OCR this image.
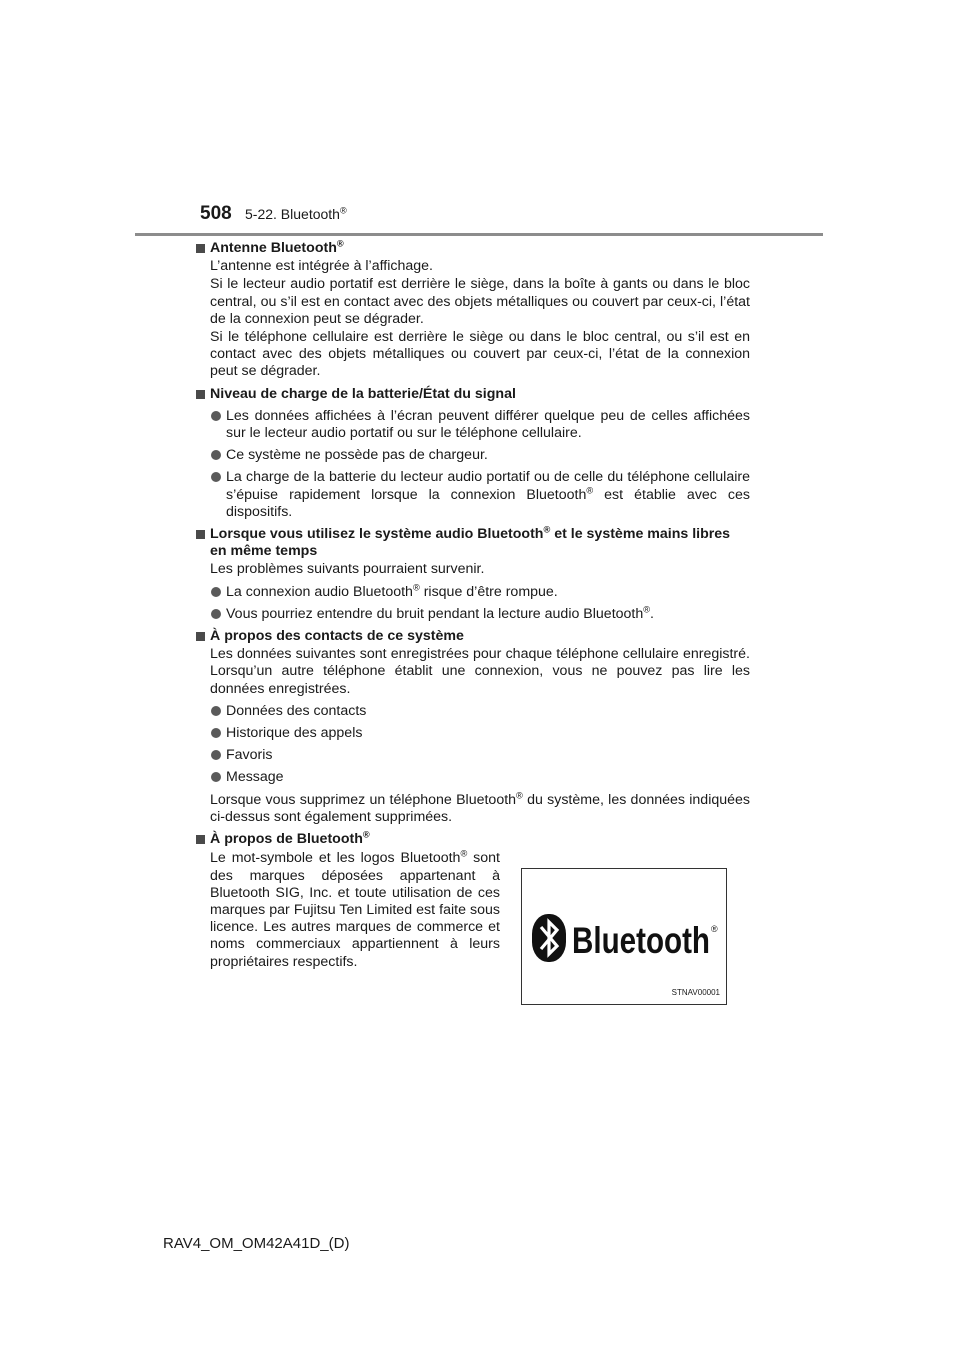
508 5-22. Bluetooth®
Antenne Bluetooth®
L’antenne est intégrée à l’affichage.
Si le lecteur audio portatif est derrière le siège, dans la boîte à gants ou dans le bloc central, ou s’il est en contact avec des objets métalliques ou couvert par ceux-ci, l’état de la connexion peut se dégrader.
Si le téléphone cellulaire est derrière le siège ou dans le bloc central, ou s’il est en contact avec des objets métalliques ou couvert par ceux-ci, l’état de la connexion peut se dégrader.
Niveau de charge de la batterie/État du signal
Les données affichées à l’écran peuvent différer quelque peu de celles affichées sur le lecteur audio portatif ou sur le téléphone cellulaire.
Ce système ne possède pas de chargeur.
La charge de la batterie du lecteur audio portatif ou de celle du téléphone cellulaire s’épuise rapidement lorsque la connexion Bluetooth® est établie avec ces dispositifs.
Lorsque vous utilisez le système audio Bluetooth® et le système mains libres en même temps
Les problèmes suivants pourraient survenir.
La connexion audio Bluetooth® risque d’être rompue.
Vous pourriez entendre du bruit pendant la lecture audio Bluetooth®.
À propos des contacts de ce système
Les données suivantes sont enregistrées pour chaque téléphone cellulaire enregistré. Lorsqu’un autre téléphone établit une connexion, vous ne pouvez pas lire les données enregistrées.
Données des contacts
Historique des appels
Favoris
Message
Lorsque vous supprimez un téléphone Bluetooth® du système, les données indiquées ci-dessus sont également supprimées.
À propos de Bluetooth®
Le mot-symbole et les logos Bluetooth® sont des marques déposées appartenant à Bluetooth SIG, Inc. et toute utilisation de ces marques par Fujitsu Ten Limited est faite sous licence. Les autres marques de commerce et noms commerciaux appartiennent à leurs propriétaires respectifs.
Bluetooth ®
STNAV00001
RAV4_OM_OM42A41D_(D)
